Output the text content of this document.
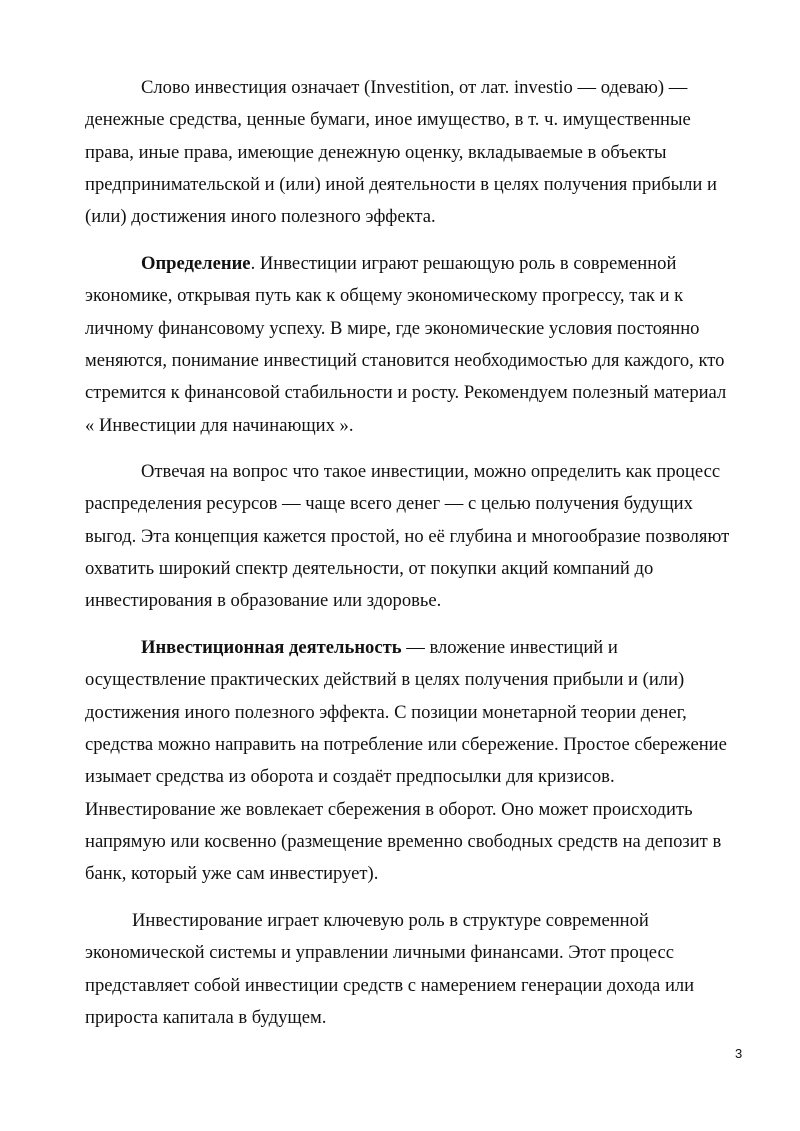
Слово инвестиция означает (Investition, от лат. investio — одеваю) —
денежные средства, ценные бумаги, иное имущество, в т. ч. имущественные
права, иные права, имеющие денежную оценку, вкладываемые в объекты
предпринимательской и (или) иной деятельности в целях получения прибыли и
(или) достижения иного полезного эффекта.
Определение. Инвестиции играют решающую роль в современной
экономике, открывая путь как к общему экономическому прогрессу, так и к
личному финансовому успеху. В мире, где экономические условия постоянно
меняются, понимание инвестиций становится необходимостью для каждого, кто
стремится к финансовой стабильности и росту. Рекомендуем полезный материал
« Инвестиции для начинающих ».
Отвечая на вопрос что такое инвестиции, можно определить как процесс
распределения ресурсов — чаще всего денег — с целью получения будущих
выгод. Эта концепция кажется простой, но её глубина и многообразие позволяют
охватить широкий спектр деятельности, от покупки акций компаний до
инвестирования в образование или здоровье.
Инвестиционная деятельность — вложение инвестиций и
осуществление практических действий в целях получения прибыли и (или)
достижения иного полезного эффекта. С позиции монетарной теории денег,
средства можно направить на потребление или сбережение. Простое сбережение
изымает средства из оборота и создаёт предпосылки для кризисов.
Инвестирование же вовлекает сбережения в оборот. Оно может происходить
напрямую или косвенно (размещение временно свободных средств на депозит в
банк, который уже сам инвестирует).
Инвестирование играет ключевую роль в структуре современной
экономической системы и управлении личными финансами. Этот процесс
представляет собой инвестиции средств с намерением генерации дохода или
прироста капитала в будущем.
3
